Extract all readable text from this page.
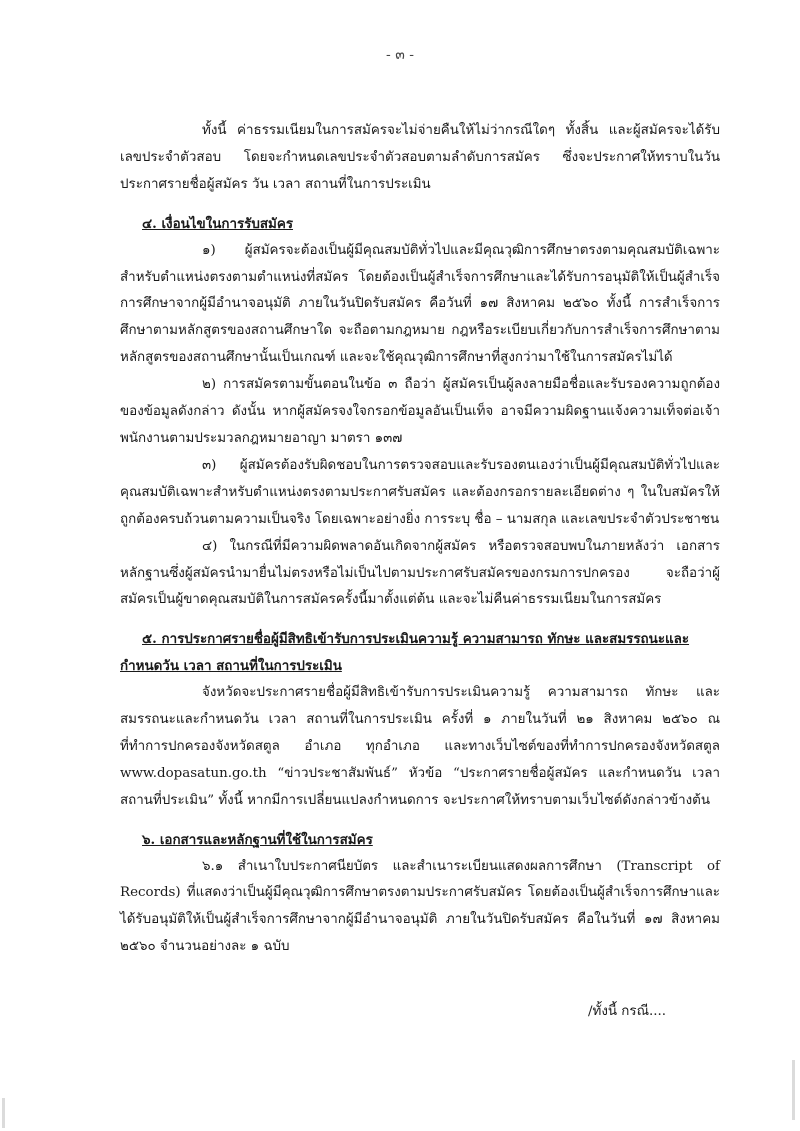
- ๓ -

ทั้งนี้ ค่าธรรมเนียมในการสมัครจะไม่จ่ายคืนให้ไม่ว่ากรณีใดๆ ทั้งสิ้น และผู้สมัครจะได้รับเลขประจำตัวสอบ โดยจะกำหนดเลขประจำตัวสอบตามลำดับการสมัคร ซึ่งจะประกาศให้ทราบในวันประกาศรายชื่อผู้สมัคร วัน เวลา สถานที่ในการประเมิน

๔. เงื่อนไขในการรับสมัคร

๑) ผู้สมัครจะต้องเป็นผู้มีคุณสมบัติทั่วไปและมีคุณวุฒิการศึกษาตรงตามคุณสมบัติเฉพาะสำหรับตำแหน่งตรงตามตำแหน่งที่สมัคร โดยต้องเป็นผู้สำเร็จการศึกษาและได้รับการอนุมัติให้เป็นผู้สำเร็จการศึกษาจากผู้มีอำนาจอนุมัติ ภายในวันปิดรับสมัคร คือวันที่ ๑๗ สิงหาคม ๒๕๖๐ ทั้งนี้ การสำเร็จการศึกษาตามหลักสูตรของสถานศึกษาใด จะถือตามกฎหมาย กฎหรือระเบียบเกี่ยวกับการสำเร็จการศึกษาตามหลักสูตรของสถานศึกษานั้นเป็นเกณฑ์ และจะใช้คุณวุฒิการศึกษาที่สูงกว่ามาใช้ในการสมัครไม่ได้

๒) การสมัครตามขั้นตอนในข้อ ๓ ถือว่า ผู้สมัครเป็นผู้ลงลายมือชื่อและรับรองความถูกต้องของข้อมูลดังกล่าว ดังนั้น หากผู้สมัครจงใจกรอกข้อมูลอันเป็นเท็จ อาจมีความผิดฐานแจ้งความเท็จต่อเจ้าพนักงานตามประมวลกฎหมายอาญา มาตรา ๑๓๗

๓) ผู้สมัครต้องรับผิดชอบในการตรวจสอบและรับรองตนเองว่าเป็นผู้มีคุณสมบัติทั่วไปและคุณสมบัติเฉพาะสำหรับตำแหน่งตรงตามประกาศรับสมัคร และต้องกรอกรายละเอียดต่าง ๆ ในใบสมัครให้ถูกต้องครบถ้วนตามความเป็นจริง โดยเฉพาะอย่างยิ่ง การระบุ ชื่อ – นามสกุล และเลขประจำตัวประชาชน

๔) ในกรณีที่มีความผิดพลาดอันเกิดจากผู้สมัคร หรือตรวจสอบพบในภายหลังว่า เอกสารหลักฐานซึ่งผู้สมัครนำมายื่นไม่ตรงหรือไม่เป็นไปตามประกาศรับสมัครของกรมการปกครอง จะถือว่าผู้สมัครเป็นผู้ขาดคุณสมบัติในการสมัครครั้งนี้มาตั้งแต่ต้น และจะไม่คืนค่าธรรมเนียมในการสมัคร

๕. การประกาศรายชื่อผู้มีสิทธิเข้ารับการประเมินความรู้ ความสามารถ ทักษะ และสมรรถนะและ

กำหนดวัน เวลา สถานที่ในการประเมิน

จังหวัดจะประกาศรายชื่อผู้มีสิทธิเข้ารับการประเมินความรู้ ความสามารถ ทักษะ และสมรรถนะและกำหนดวัน เวลา สถานที่ในการประเมิน ครั้งที่ ๑ ภายในวันที่ ๒๑ สิงหาคม ๒๕๖๐ ณ ที่ทำการปกครองจังหวัดสตูล อำเภอ ทุกอำเภอ และทางเว็บไซต์ของที่ทำการปกครองจังหวัดสตูล www.dopasatun.go.th “ข่าวประชาสัมพันธ์” หัวข้อ “ประกาศรายชื่อผู้สมัคร และกำหนดวัน เวลา สถานที่ประเมิน” ทั้งนี้ หากมีการเปลี่ยนแปลงกำหนดการ จะประกาศให้ทราบตามเว็บไซต์ดังกล่าวข้างต้น

๖. เอกสารและหลักฐานที่ใช้ในการสมัคร

๖.๑ สำเนาใบประกาศนียบัตร และสำเนาระเบียนแสดงผลการศึกษา (Transcript of Records) ที่แสดงว่าเป็นผู้มีคุณวุฒิการศึกษาตรงตามประกาศรับสมัคร โดยต้องเป็นผู้สำเร็จการศึกษาและได้รับอนุมัติให้เป็นผู้สำเร็จการศึกษาจากผู้มีอำนาจอนุมัติ ภายในวันปิดรับสมัคร คือในวันที่ ๑๗ สิงหาคม ๒๕๖๐ จำนวนอย่างละ ๑ ฉบับ

/ทั้งนี้ กรณี....
